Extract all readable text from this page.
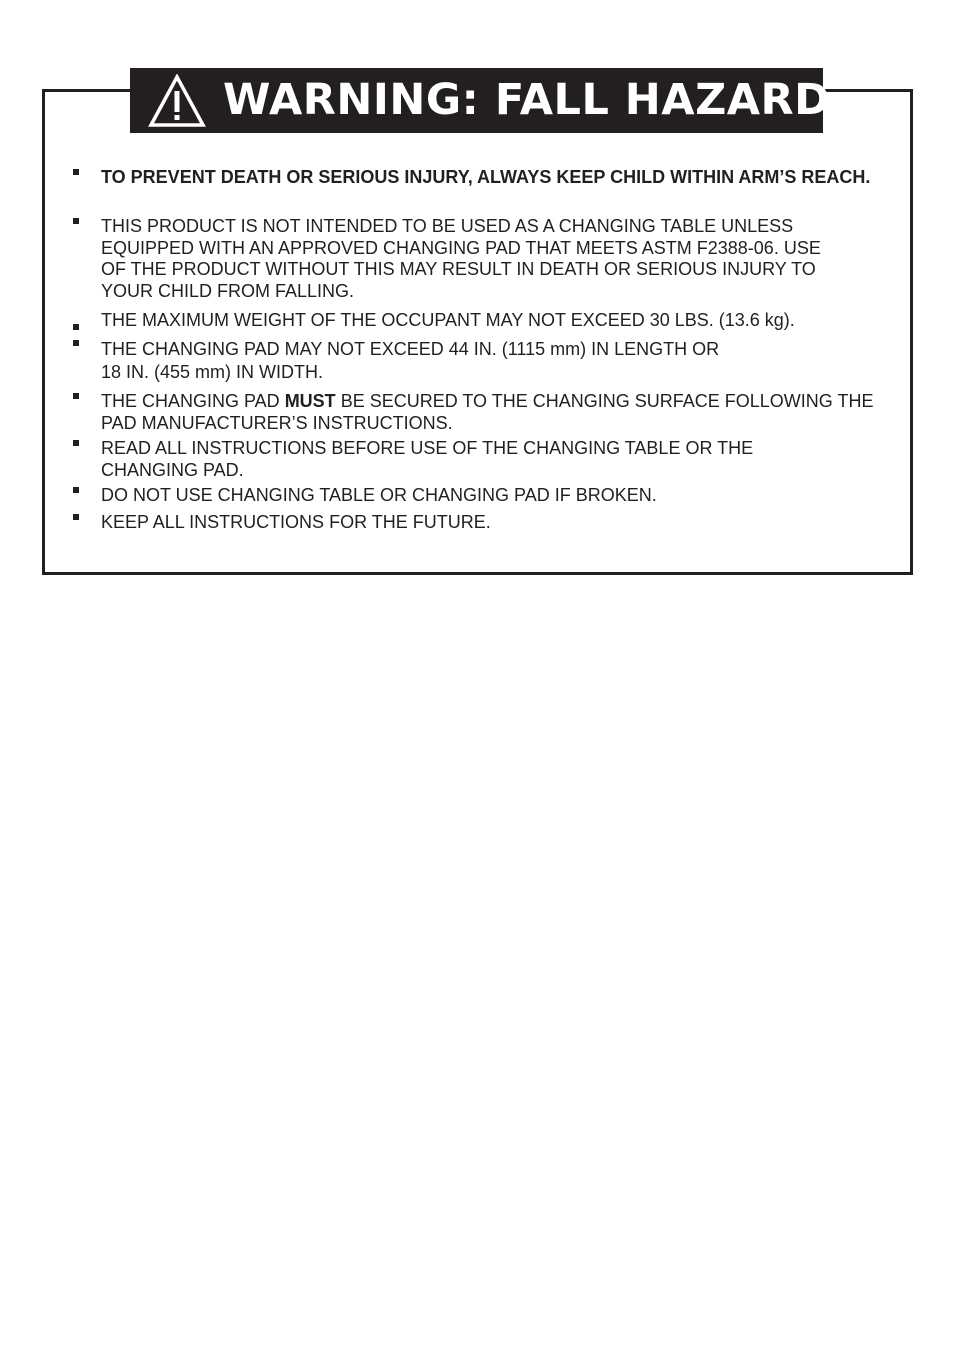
WARNING: FALL HAZARD
TO PREVENT DEATH OR SERIOUS INJURY, ALWAYS KEEP CHILD WITHIN ARM’S REACH.
THIS PRODUCT IS NOT INTENDED TO BE USED AS A CHANGING TABLE UNLESS EQUIPPED WITH AN APPROVED CHANGING PAD THAT MEETS ASTM F2388-06. USE OF THE PRODUCT WITHOUT THIS MAY RESULT IN DEATH OR SERIOUS INJURY TO YOUR CHILD FROM FALLING.
THE MAXIMUM WEIGHT OF THE OCCUPANT MAY NOT EXCEED 30 LBS. (13.6 kg).
THE CHANGING PAD MAY NOT EXCEED 44 IN. (1115 mm) IN LENGTH OR
18 IN. (455 mm) IN WIDTH.
THE CHANGING PAD MUST BE SECURED TO THE CHANGING SURFACE FOLLOWING THE PAD MANUFACTURER’S INSTRUCTIONS.
READ ALL INSTRUCTIONS BEFORE USE OF THE CHANGING TABLE OR THE CHANGING PAD.
DO NOT USE CHANGING TABLE OR CHANGING PAD IF BROKEN.
KEEP ALL INSTRUCTIONS FOR THE FUTURE.
